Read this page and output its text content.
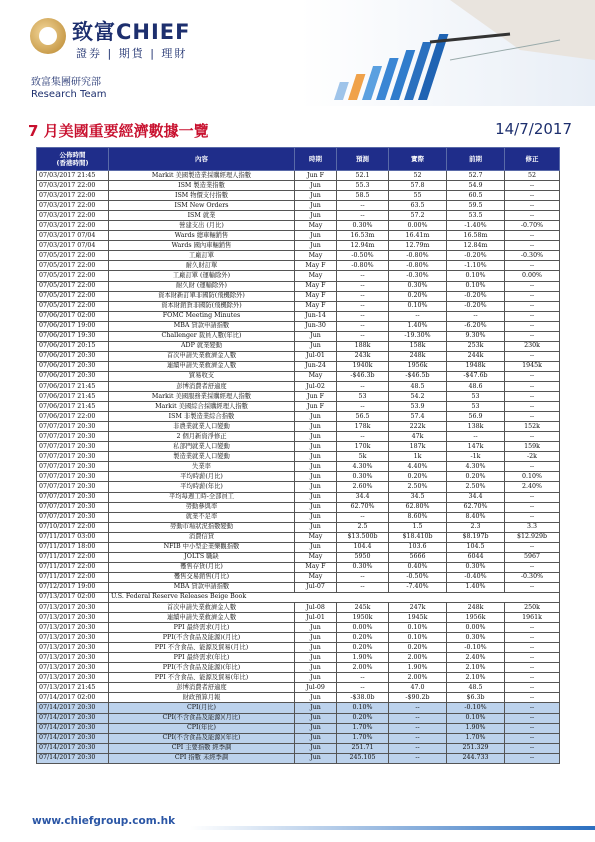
致富CHIEF
證券 | 期貨 | 理財
致富集團研究部
Research Team
7 月美國重要經濟數據一覽	14/7/2017
公佈時間
(香港時間)	內容	時期	預測	實際	前期	修正
07/03/2017 21:45	Markit 美國製造業採購經理人指數	Jun F	52.1	52	52.7	52
07/03/2017 22:00	ISM 製造業指數	Jun	55.3	57.8	54.9	--
07/03/2017 22:00	ISM 物價支付指數	Jun	58.5	55	60.5	--
07/03/2017 22:00	ISM New Orders	Jun	--	63.5	59.5	--
07/03/2017 22:00	ISM 就業	Jun	--	57.2	53.5	--
07/03/2017 22:00	營建支出 (月比)	May	0.30%	0.00%	-1.40%	-0.70%
07/03/2017 07/04	Wards 總車輛銷售	Jun	16.53m	16.41m	16.58m	--
07/03/2017 07/04	Wards 國內車輛銷售	Jun	12.94m	12.79m	12.84m	--
07/05/2017 22:00	工廠訂單	May	-0.50%	-0.80%	-0.20%	-0.30%
07/05/2017 22:00	耐久財訂單	May F	-0.80%	-0.80%	-1.10%	--
07/05/2017 22:00	工廠訂單 (運輸除外)	May	--	-0.30%	0.10%	0.00%
07/05/2017 22:00	耐久財 (運輸除外)	May F	--	0.30%	0.10%	--
07/05/2017 22:00	資本財新訂單非國防(飛機除外)	May F	--	0.20%	-0.20%	--
07/05/2017 22:00	資本財銷貨非國防(飛機除外)	May F	--	0.10%	-0.20%	--
07/06/2017 02:00	FOMC Meeting Minutes	Jun-14	--	--	--	--
07/06/2017 19:00	MBA 貸款申請指數	Jun-30	--	1.40%	-6.20%	--
07/06/2017 19:30	Challenger 裁員人數(年比)	Jun	--	-19.30%	9.30%	--
07/06/2017 20:15	ADP 就業變動	Jun	188k	158k	253k	230k
07/06/2017 20:30	首次申請失業救濟金人數	Jul-01	243k	248k	244k	--
07/06/2017 20:30	連續申請失業救濟金人數	Jun-24	1940k	1956k	1948k	1945k
07/06/2017 20:30	貿易收支	May	-$46.3b	-$46.5b	-$47.6b	--
07/06/2017 21:45	彭博消費者舒適度	Jul-02	--	48.5	48.6	--
07/06/2017 21:45	Markit 美國服務業採購經理人指數	Jun F	53	54.2	53	--
07/06/2017 21:45	Markit 美國綜合採購經理人指數	Jun F	--	53.9	53	--
07/06/2017 22:00	ISM 非製造業綜合指數	Jun	56.5	57.4	56.9	--
07/07/2017 20:30	非農業就業人口變動	Jun	178k	222k	138k	152k
07/07/2017 20:30	2 個月新資淨修正	Jun	--	47k	--	--
07/07/2017 20:30	私部門就業人口變動	Jun	170k	187k	147k	159k
07/07/2017 20:30	製造業就業人口變動	Jun	5k	1k	-1k	-2k
07/07/2017 20:30	失業率	Jun	4.30%	4.40%	4.30%	--
07/07/2017 20:30	平均時薪(月比)	Jun	0.30%	0.20%	0.20%	0.10%
07/07/2017 20:30	平均時薪(年比)	Jun	2.60%	2.50%	2.50%	2.40%
07/07/2017 20:30	平均每週工時-全部員工	Jun	34.4	34.5	34.4	--
07/07/2017 20:30	勞動參與率	Jun	62.70%	62.80%	62.70%	--
07/07/2017 20:30	就業不足率	Jun	--	8.60%	8.40%	--
07/10/2017 22:00	勞動市場狀況指數變動	Jun	2.5	1.5	2.3	3.3
07/11/2017 03:00	消費信貸	May	$13.500b	$18.410b	$8.197b	$12.929b
07/11/2017 18:00	NFIB 中小型企業樂觀指數	Jun	104.4	103.6	104.5	--
07/11/2017 22:00	JOLTS 職缺	May	5950	5666	6044	5967
07/11/2017 22:00	躉售存貨(月比)	May F	0.30%	0.40%	0.30%	--
07/11/2017 22:00	躉售交易銷售(月比)	May	--	-0.50%	-0.40%	-0.30%
07/12/2017 19:00	MBA 貸款申請指數	Jul-07	--	-7.40%	1.40%	--
07/13/2017 02:00	U.S. Federal Reserve Releases Beige Book					
07/13/2017 20:30	首次申請失業救濟金人數	Jul-08	245k	247k	248k	250k
07/13/2017 20:30	連續申請失業救濟金人數	Jul-01	1950k	1945k	1956k	1961k
07/13/2017 20:30	PPI 最終需求(月比)	Jun	0.00%	0.10%	0.00%	--
07/13/2017 20:30	PPI(不含食品及能源)(月比)	Jun	0.20%	0.10%	0.30%	--
07/13/2017 20:30	PPI 不含食品、能源及貿易(月比)	Jun	0.20%	0.20%	-0.10%	--
07/13/2017 20:30	PPI 最終需求(年比)	Jun	1.90%	2.00%	2.40%	--
07/13/2017 20:30	PPI(不含食品及能源)(年比)	Jun	2.00%	1.90%	2.10%	--
07/13/2017 20:30	PPI 不含食品、能源及貿易(年比)	Jun	--	2.00%	2.10%	--
07/13/2017 21:45	彭博消費者舒適度	Jul-09	--	47.0	48.5	--
07/14/2017 02:00	財政預算月報	Jun	-$38.0b	-$90.2b	$6.3b	--
07/14/2017 20:30	CPI(月比)	Jun	0.10%	--	-0.10%	--
07/14/2017 20:30	CPI(不含食品及能源)(月比)	Jun	0.20%	--	0.10%	--
07/14/2017 20:30	CPI(年比)	Jun	1.70%	--	1.90%	--
07/14/2017 20:30	CPI(不含食品及能源)(年比)	Jun	1.70%	--	1.70%	--
07/14/2017 20:30	CPI 主要指數 經季調	Jun	251.71	--	251.329	--
07/14/2017 20:30	CPI 指數 未經季調	Jun	245.105	--	244.733	--
www.chiefgroup.com.hk
